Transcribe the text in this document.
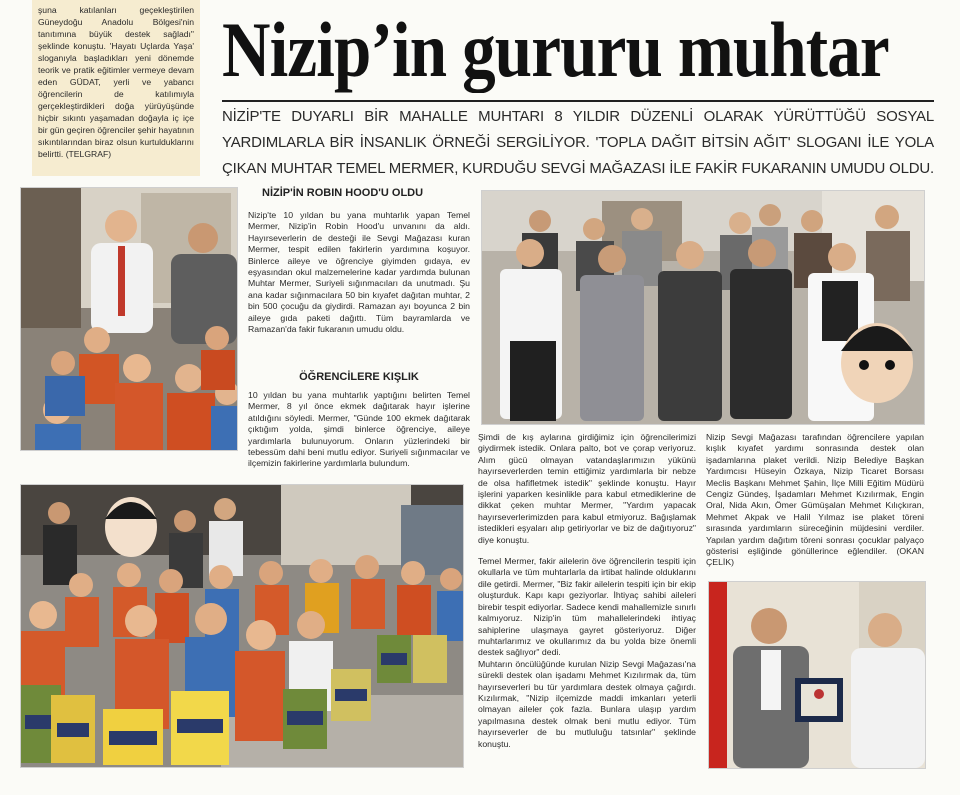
şuna katılanları geçekleştirilen Güneydoğu Anadolu Bölgesi'nin tanıtımına büyük destek sağladı" şeklinde konuştu. 'Hayatı Uçlarda Yaşa' sloganıyla başladıkları yeni dönemde teorik ve pratik eğitimler vermeye devam eden GÜDAT, yerli ve yabancı öğrencilerin de katılımıyla gerçekleştirdikleri doğa yürüyüşünde hiçbir sıkıntı yaşamadan doğayla iç içe bir gün geçiren öğrenciler şehir hayatının sıkıntılarından biraz olsun kurtulduklarını belirtti. (TELGRAF)

Nizip’in gururu muhtar
NİZİP'TE DUYARLI BİR MAHALLE MUHTARI 8 YILDIR DÜZENLİ OLARAK YÜRÜTTÜĞÜ SOSYAL YARDIMLARLA BİR İNSANLIK ÖRNEĞİ SERGİLİYOR. 'TOPLA DAĞIT BİTSİN AĞIT' SLOGANI İLE YOLA ÇIKAN MUHTAR TEMEL MERMER, KURDUĞU SEVGİ MAĞAZASI İLE FAKİR FUKARANIN UMUDU OLDU.
NİZİP'İN ROBIN HOOD'U OLDU

Nizip'te 10 yıldan bu yana muhtarlık yapan Temel Mermer, Nizip'in Robin Hood'u unvanını da aldı. Hayırseverlerin de desteği ile Sevgi Mağazası kuran Mermer, tespit edilen fakirlerin yardımına koşuyor. Binlerce aileye ve öğrenciye giyimden gıdaya, ev eşyasından okul malzemelerine kadar yardımda bulunan Muhtar Mermer, Suriyeli sığınmacıları da unutmadı. Şu ana kadar sığınmacılara 50 bin kıyafet dağıtan muhtar, 2 bin 500 çocuğu da giydirdi. Ramazan ayı boyunca 2 bin aileye gıda paketi dağıttı. Tüm bayramlarda ve Ramazan'da fakir fukaranın umudu oldu.

ÖĞRENCİLERE KIŞLIK

10 yıldan bu yana muhtarlık yaptığını belirten Temel Mermer, 8 yıl önce ekmek dağıtarak hayır işlerine atıldığını söyledi. Mermer, "Günde 100 ekmek dağıtarak çıktığım yolda, şimdi binlerce öğrenciye, aileye yardımlarla bulunuyorum. Onların yüzlerindeki bir tebessüm dahi beni mutlu ediyor. Suriyeli sığınmacılar ve ilçemizin fakirlerine yardımlarla bulundum.

Şimdi de kış aylarına girdiğimiz için öğrencilerimizi giydirmek istedik. Onlara palto, bot ve çorap veriyoruz. Alım gücü olmayan vatandaşlarımızın yükünü hayırseverlerden temin ettiğimiz yardımlarla bir nebze de olsa hafifletmek istedik" şeklinde konuştu. Hayır işlerini yaparken kesinlikle para kabul etmediklerine de dikkat çeken muhtar Mermer, "Yardım yapacak hayırseverlerimizden para kabul etmiyoruz. Bağışlamak istedikleri eşyaları alıp getiriyorlar ve biz de dağıtıyoruz" diye konuştu.

Temel Mermer, fakir ailelerin öve öğrencilerin tespiti için okullarla ve tüm muhtarlarla da irtibat halinde olduklarını dile getirdi. Mermer, "Biz fakir ailelerin tespiti için bir ekip oluşturduk. Kapı kapı geziyorlar. İhtiyaç sahibi aileleri birebir tespit ediyorlar. Sadece kendi mahallemizle sınırlı kalmıyoruz. Nizip'in tüm mahallelerindeki ihtiyaç sahiplerine ulaşmaya gayret gösteriyoruz. Diğer muhtarlarımız ve okullarımız da bu yolda bize önemli destek sağlıyor" dedi.

Muhtarın öncülüğünde kurulan Nizip Sevgi Mağazası'na sürekli destek olan işadamı Mehmet Kızılırmak da, tüm hayırseverleri bu tür yardımlara destek olmaya çağırdı. Kızılırmak, "Nizip ilçemizde maddi imkanları yeterli olmayan aileler çok fazla. Bunlara ulaşıp yardım yapılmasına destek olmak beni mutlu ediyor. Tüm hayırseverler de bu mutluluğu tatsınlar" şeklinde konuştu.

Nizip Sevgi Mağazası tarafından öğrencilere yapılan kışlık kıyafet yardımı sonrasında destek olan işadamlarına plaket verildi. Nizip Belediye Başkan Yardımcısı Hüseyin Özkaya, Nizip Ticaret Borsası Meclis Başkanı Mehmet Şahin, İlçe Milli Eğitim Müdürü Cengiz Gündeş, İşadamları Mehmet Kızılırmak, Engin Oral, Nida Akın, Ömer Gümüşalan Mehmet Kılıçkıran, Mehmet Akpak ve Halil Yılmaz ise plaket töreni sırasında yardımların süreceğinin müjdesini verdiler. Yapılan yardım dağıtım töreni sonrası çocuklar palyaço gösterisi eşliğinde gönüllerince eğlendiler. (OKAN ÇELİK)
